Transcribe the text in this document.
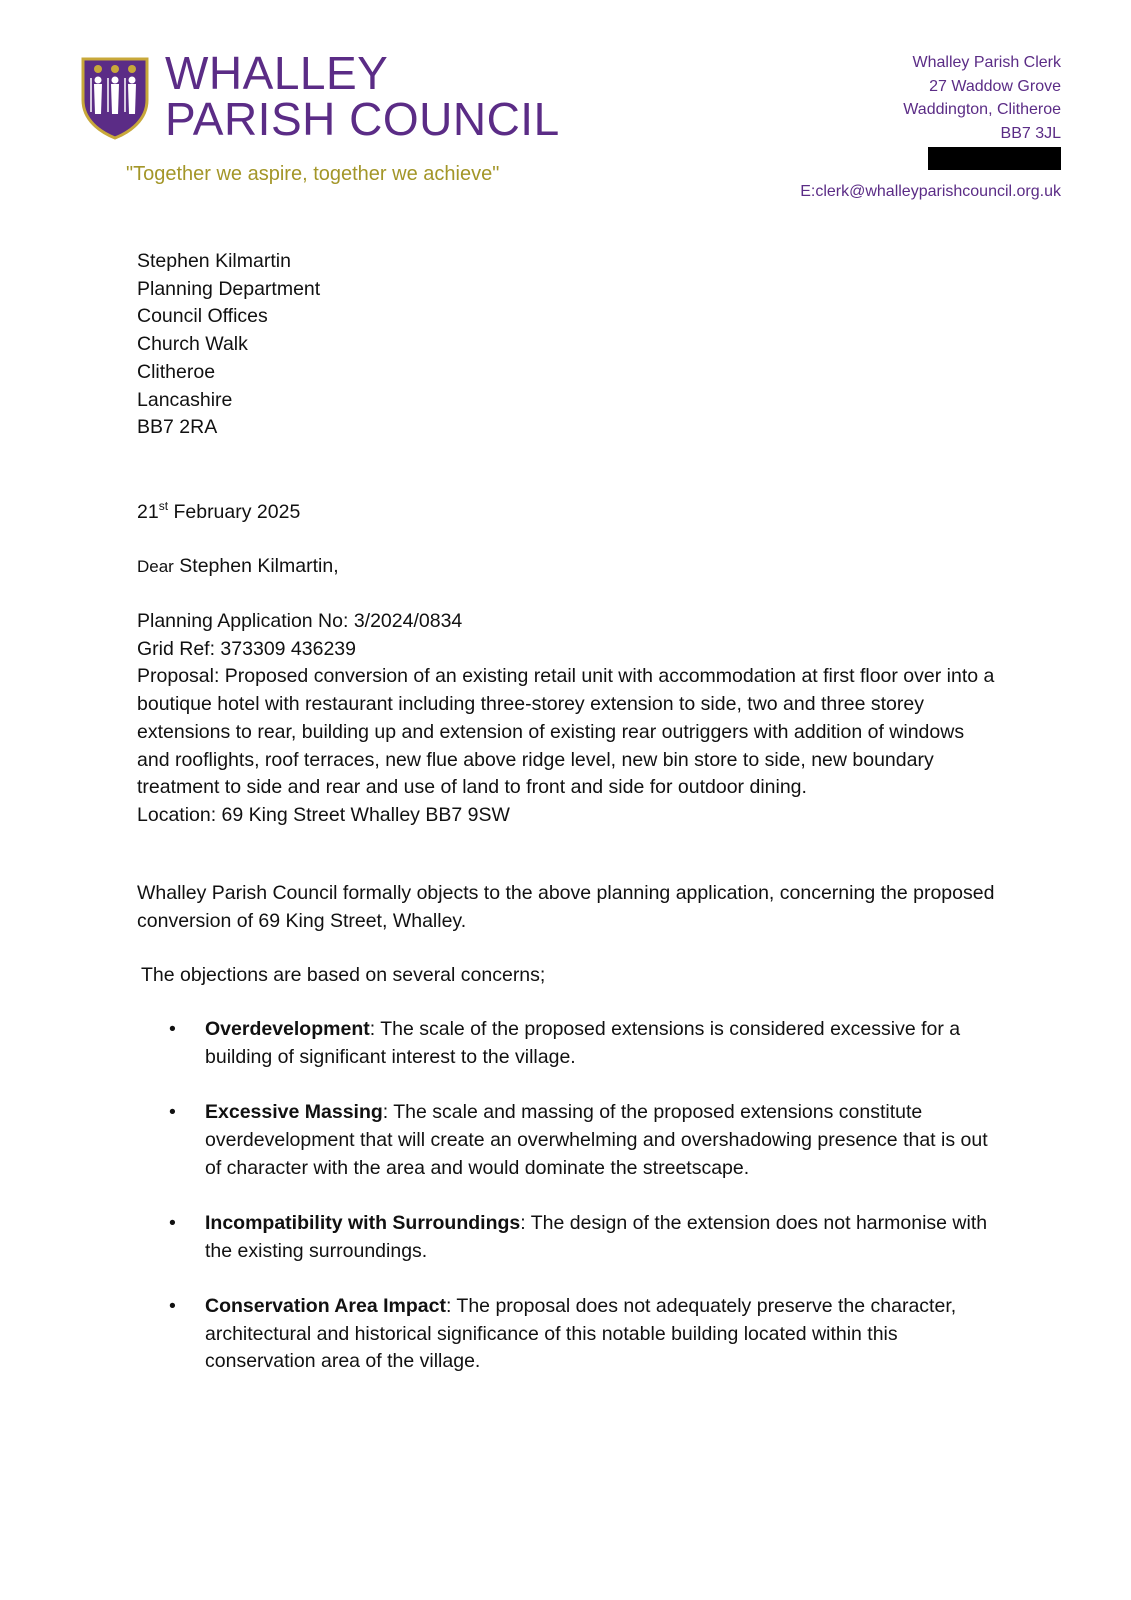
WHALLEY
PARISH COUNCIL
"Together we aspire, together we achieve"
Whalley Parish Clerk
27 Waddow Grove
Waddington, Clitheroe
BB7 3JL
E:clerk@whalleyparishcouncil.org.uk
Stephen Kilmartin
Planning Department
Council Offices
Church Walk
Clitheroe
Lancashire
BB7 2RA
21st February 2025
Dear Stephen Kilmartin,
Planning Application No: 3/2024/0834
Grid Ref: 373309 436239
Proposal: Proposed conversion of an existing retail unit with accommodation at first floor over into a boutique hotel with restaurant including three-storey extension to side, two and three storey extensions to rear, building up and extension of existing rear outriggers with addition of windows and rooflights, roof terraces, new flue above ridge level, new bin store to side, new boundary treatment to side and rear and use of land to front and side for outdoor dining.
Location: 69 King Street Whalley BB7 9SW
Whalley Parish Council formally objects to the above planning application, concerning the proposed conversion of 69 King Street, Whalley.
The objections are based on several concerns;
• Overdevelopment: The scale of the proposed extensions is considered excessive for a building of significant interest to the village.
• Excessive Massing: The scale and massing of the proposed extensions constitute overdevelopment that will create an overwhelming and overshadowing presence that is out of character with the area and would dominate the streetscape.
• Incompatibility with Surroundings: The design of the extension does not harmonise with the existing surroundings.
• Conservation Area Impact: The proposal does not adequately preserve the character, architectural and historical significance of this notable building located within this conservation area of the village.
